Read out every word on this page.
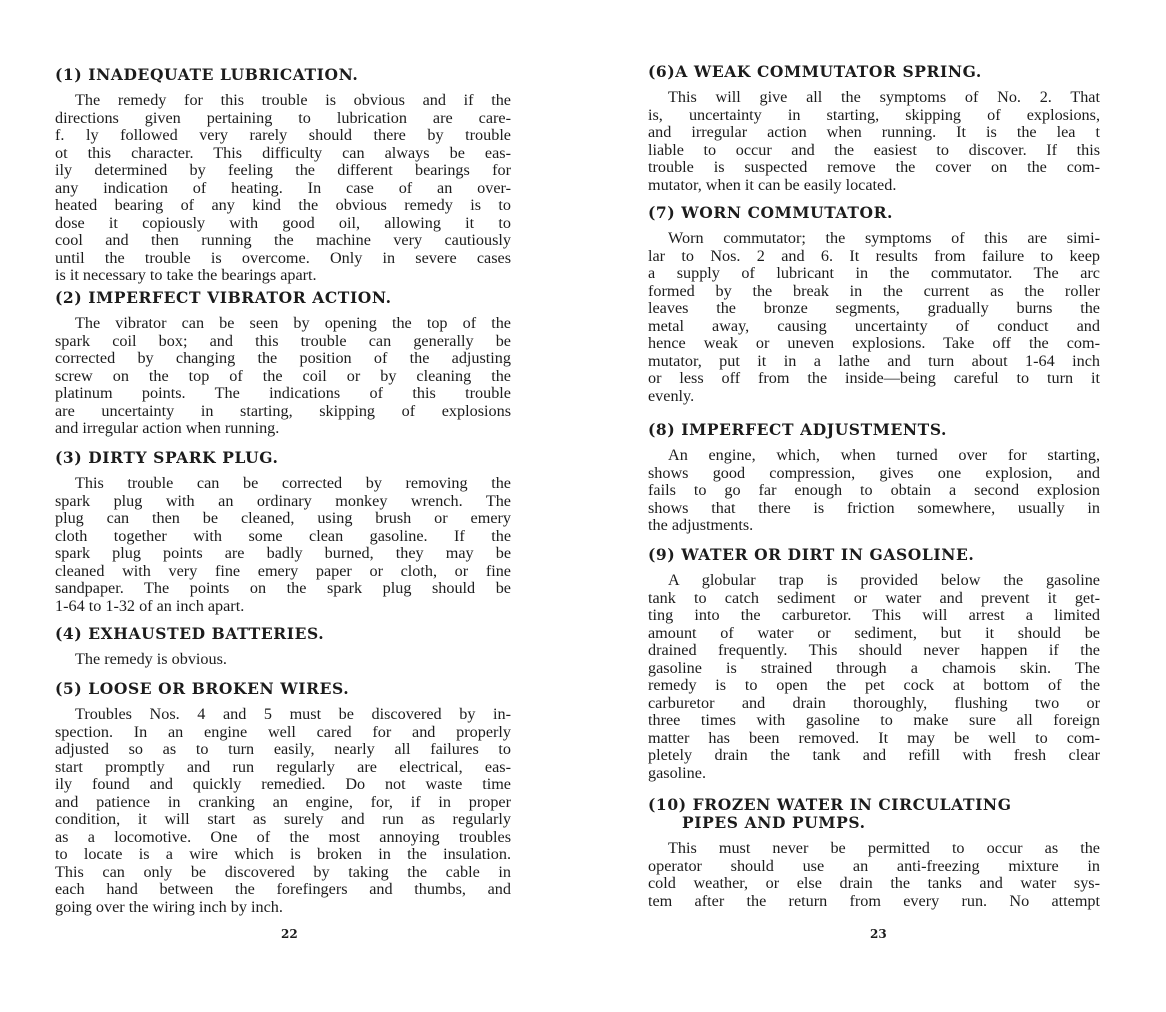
22
(1) INADEQUATE LUBRICATION.
The remedy for this trouble is obvious and if the
directions given pertaining to lubrication are care-
f. ly followed very rarely should there by trouble
ot this character. This difficulty can always be eas-
ily determined by feeling the different bearings for
any indication of heating. In case of an over-
heated bearing of any kind the obvious remedy is to
dose it copiously with good oil, allowing it to
cool and then running the machine very cautiously
until the trouble is overcome. Only in severe cases
is it necessary to take the bearings apart.
(2) IMPERFECT VIBRATOR ACTION.
The vibrator can be seen by opening the top of the
spark coil box; and this trouble can generally be
corrected by changing the position of the adjusting
screw on the top of the coil or by cleaning the
platinum points. The indications of this trouble
are uncertainty in starting, skipping of explosions
and irregular action when running.
(3) DIRTY SPARK PLUG.
This trouble can be corrected by removing the
spark plug with an ordinary monkey wrench. The
plug can then be cleaned, using brush or emery
cloth together with some clean gasoline. If the
spark plug points are badly burned, they may be
cleaned with very fine emery paper or cloth, or fine
sandpaper. The points on the spark plug should be
1-64 to 1-32 of an inch apart.
(4) EXHAUSTED BATTERIES.
The remedy is obvious.
(5) LOOSE OR BROKEN WIRES.
Troubles Nos. 4 and 5 must be discovered by in-
spection. In an engine well cared for and properly
adjusted so as to turn easily, nearly all failures to
start promptly and run regularly are electrical, eas-
ily found and quickly remedied. Do not waste time
and patience in cranking an engine, for, if in proper
condition, it will start as surely and run as regularly
as a locomotive. One of the most annoying troubles
to locate is a wire which is broken in the insulation.
This can only be discovered by taking the cable in
each hand between the forefingers and thumbs, and
going over the wiring inch by inch.
23
(6)A WEAK COMMUTATOR SPRING.
This will give all the symptoms of No. 2. That
is, uncertainty in starting, skipping of explosions,
and irregular action when running. It is the lea t
liable to occur and the easiest to discover. If this
trouble is suspected remove the cover on the com-
mutator, when it can be easily located.
(7) WORN COMMUTATOR.
Worn commutator; the symptoms of this are simi-
lar to Nos. 2 and 6. It results from failure to keep
a supply of lubricant in the commutator. The arc
formed by the break in the current as the roller
leaves the bronze segments, gradually burns the
metal away, causing uncertainty of conduct and
hence weak or uneven explosions. Take off the com-
mutator, put it in a lathe and turn about 1-64 inch
or less off from the inside—being careful to turn it
evenly.
(8) IMPERFECT ADJUSTMENTS.
An engine, which, when turned over for starting,
shows good compression, gives one explosion, and
fails to go far enough to obtain a second explosion
shows that there is friction somewhere, usually in
the adjustments.
(9) WATER OR DIRT IN GASOLINE.
A globular trap is provided below the gasoline
tank to catch sediment or water and prevent it get-
ting into the carburetor. This will arrest a limited
amount of water or sediment, but it should be
drained frequently. This should never happen if the
gasoline is strained through a chamois skin. The
remedy is to open the pet cock at bottom of the
carburetor and drain thoroughly, flushing two or
three times with gasoline to make sure all foreign
matter has been removed. It may be well to com-
pletely drain the tank and refill with fresh clear
gasoline.
(10) FROZEN WATER IN CIRCULATING
PIPES AND PUMPS.
This must never be permitted to occur as the
operator should use an anti-freezing mixture in
cold weather, or else drain the tanks and water sys-
tem after the return from every run. No attempt
